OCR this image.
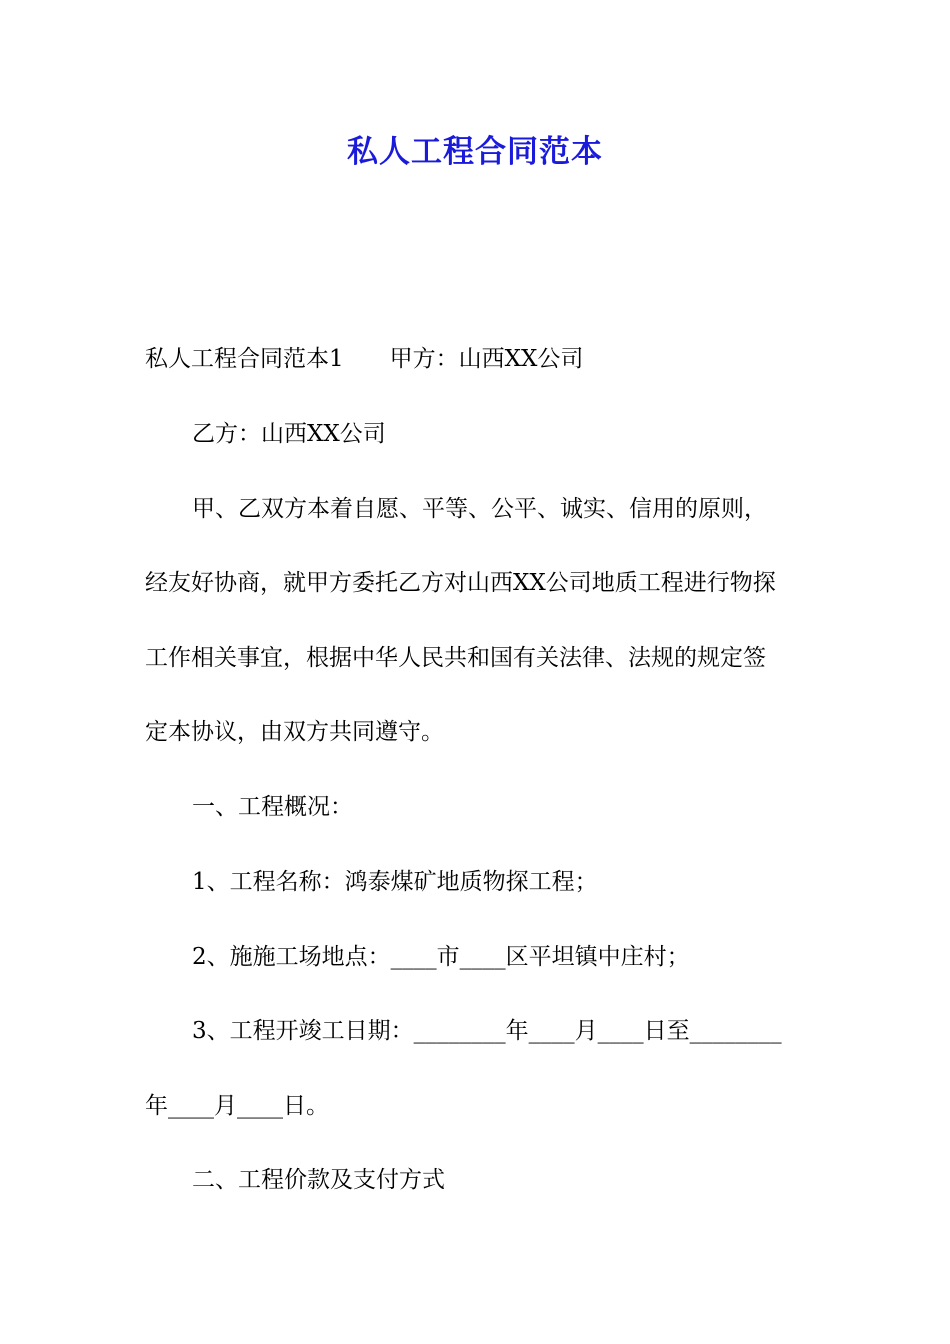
私人工程合同范本

私人工程合同范本1　　甲方：山西XX公司

乙方：山西XX公司

甲、乙双方本着自愿、平等、公平、诚实、信用的原则，

经友好协商，就甲方委托乙方对山西XX公司地质工程进行物探

工作相关事宜，根据中华人民共和国有关法律、法规的规定签

定本协议，由双方共同遵守。

一、工程概况：

1、工程名称：鸿泰煤矿地质物探工程；

2、施施工场地点：____市____区平坦镇中庄村；

3、工程开竣工日期：________年____月____日至________

年____月____日。

二、工程价款及支付方式
